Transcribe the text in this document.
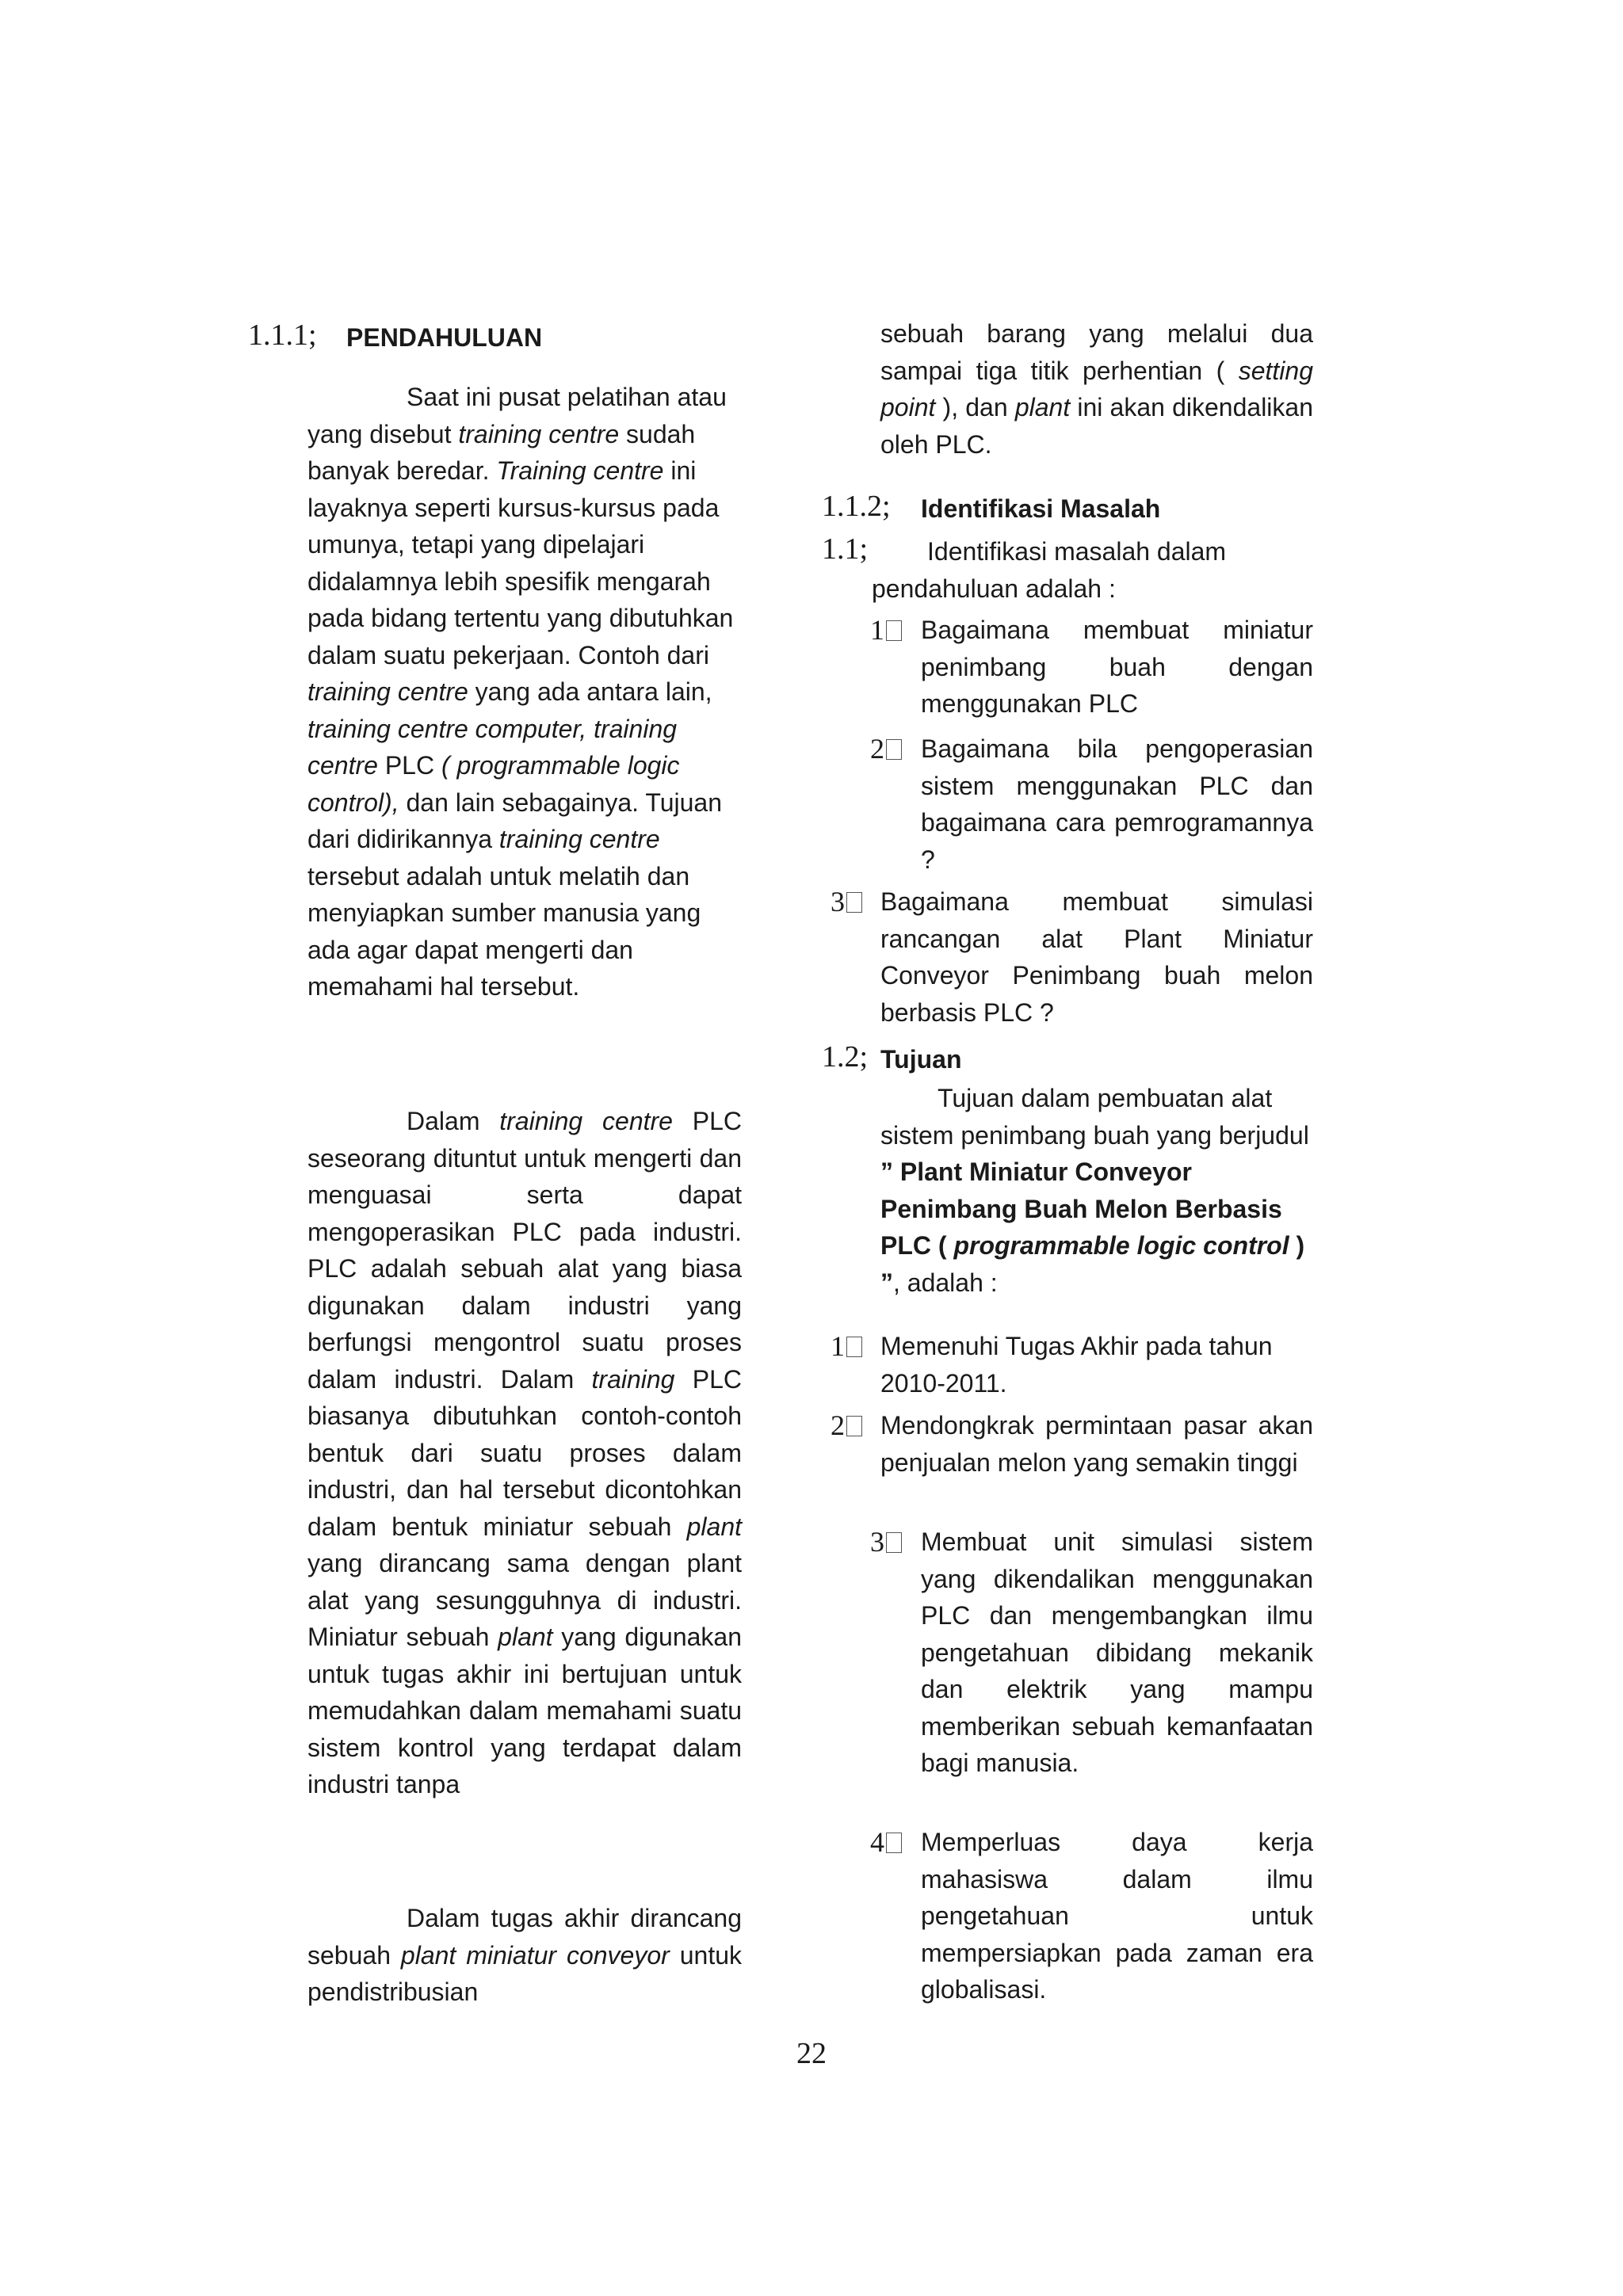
1.1.1; PENDAHULUAN

Saat ini pusat pelatihan atau yang disebut training centre sudah banyak beredar. Training centre ini layaknya seperti kursus-kursus pada umunya, tetapi yang dipelajari didalamnya lebih spesifik mengarah pada bidang tertentu yang dibutuhkan dalam suatu pekerjaan. Contoh dari training centre yang ada antara lain, training centre computer, training centre PLC ( programmable logic control), dan lain sebagainya. Tujuan dari didirikannya training centre tersebut adalah untuk melatih dan menyiapkan sumber manusia yang ada agar dapat mengerti dan memahami hal tersebut.

Dalam training centre PLC seseorang dituntut untuk mengerti dan menguasai serta dapat mengoperasikan PLC pada industri. PLC adalah sebuah alat yang biasa digunakan dalam industri yang berfungsi mengontrol suatu proses dalam industri. Dalam training PLC biasanya dibutuhkan contoh-contoh bentuk dari suatu proses dalam industri, dan hal tersebut dicontohkan dalam bentuk miniatur sebuah plant yang dirancang sama dengan plant alat yang sesungguhnya di industri. Miniatur sebuah plant yang digunakan untuk tugas akhir ini bertujuan untuk memudahkan dalam memahami suatu sistem kontrol yang terdapat dalam industri tanpa

Dalam tugas akhir dirancang sebuah plant miniatur conveyor untuk pendistribusian

sebuah barang yang melalui dua sampai tiga titik perhentian ( setting point ), dan plant ini akan dikendalikan oleh PLC.

1.1.2; Identifikasi Masalah
1.1;	Identifikasi masalah dalam pendahuluan adalah :
1	Bagaimana membuat miniatur penimbang buah dengan menggunakan PLC
2	Bagaimana bila pengoperasian sistem menggunakan PLC dan bagaimana cara pemrogramannya ?
3	Bagaimana membuat simulasi rancangan alat Plant Miniatur Conveyor Penimbang buah melon berbasis PLC ?
1.2; Tujuan

Tujuan dalam pembuatan alat sistem penimbang buah yang berjudul ” Plant Miniatur Conveyor Penimbang Buah Melon Berbasis PLC ( programmable logic control ) ”, adalah :

1	Memenuhi Tugas Akhir pada tahun 2010-2011.
2	Mendongkrak permintaan pasar akan penjualan melon yang semakin tinggi
3	Membuat unit simulasi sistem yang dikendalikan menggunakan PLC dan mengembangkan ilmu pengetahuan dibidang mekanik dan elektrik yang mampu memberikan sebuah kemanfaatan bagi manusia.
4	Memperluas daya kerja mahasiswa dalam ilmu pengetahuan untuk mempersiapkan pada zaman era globalisasi.
22
